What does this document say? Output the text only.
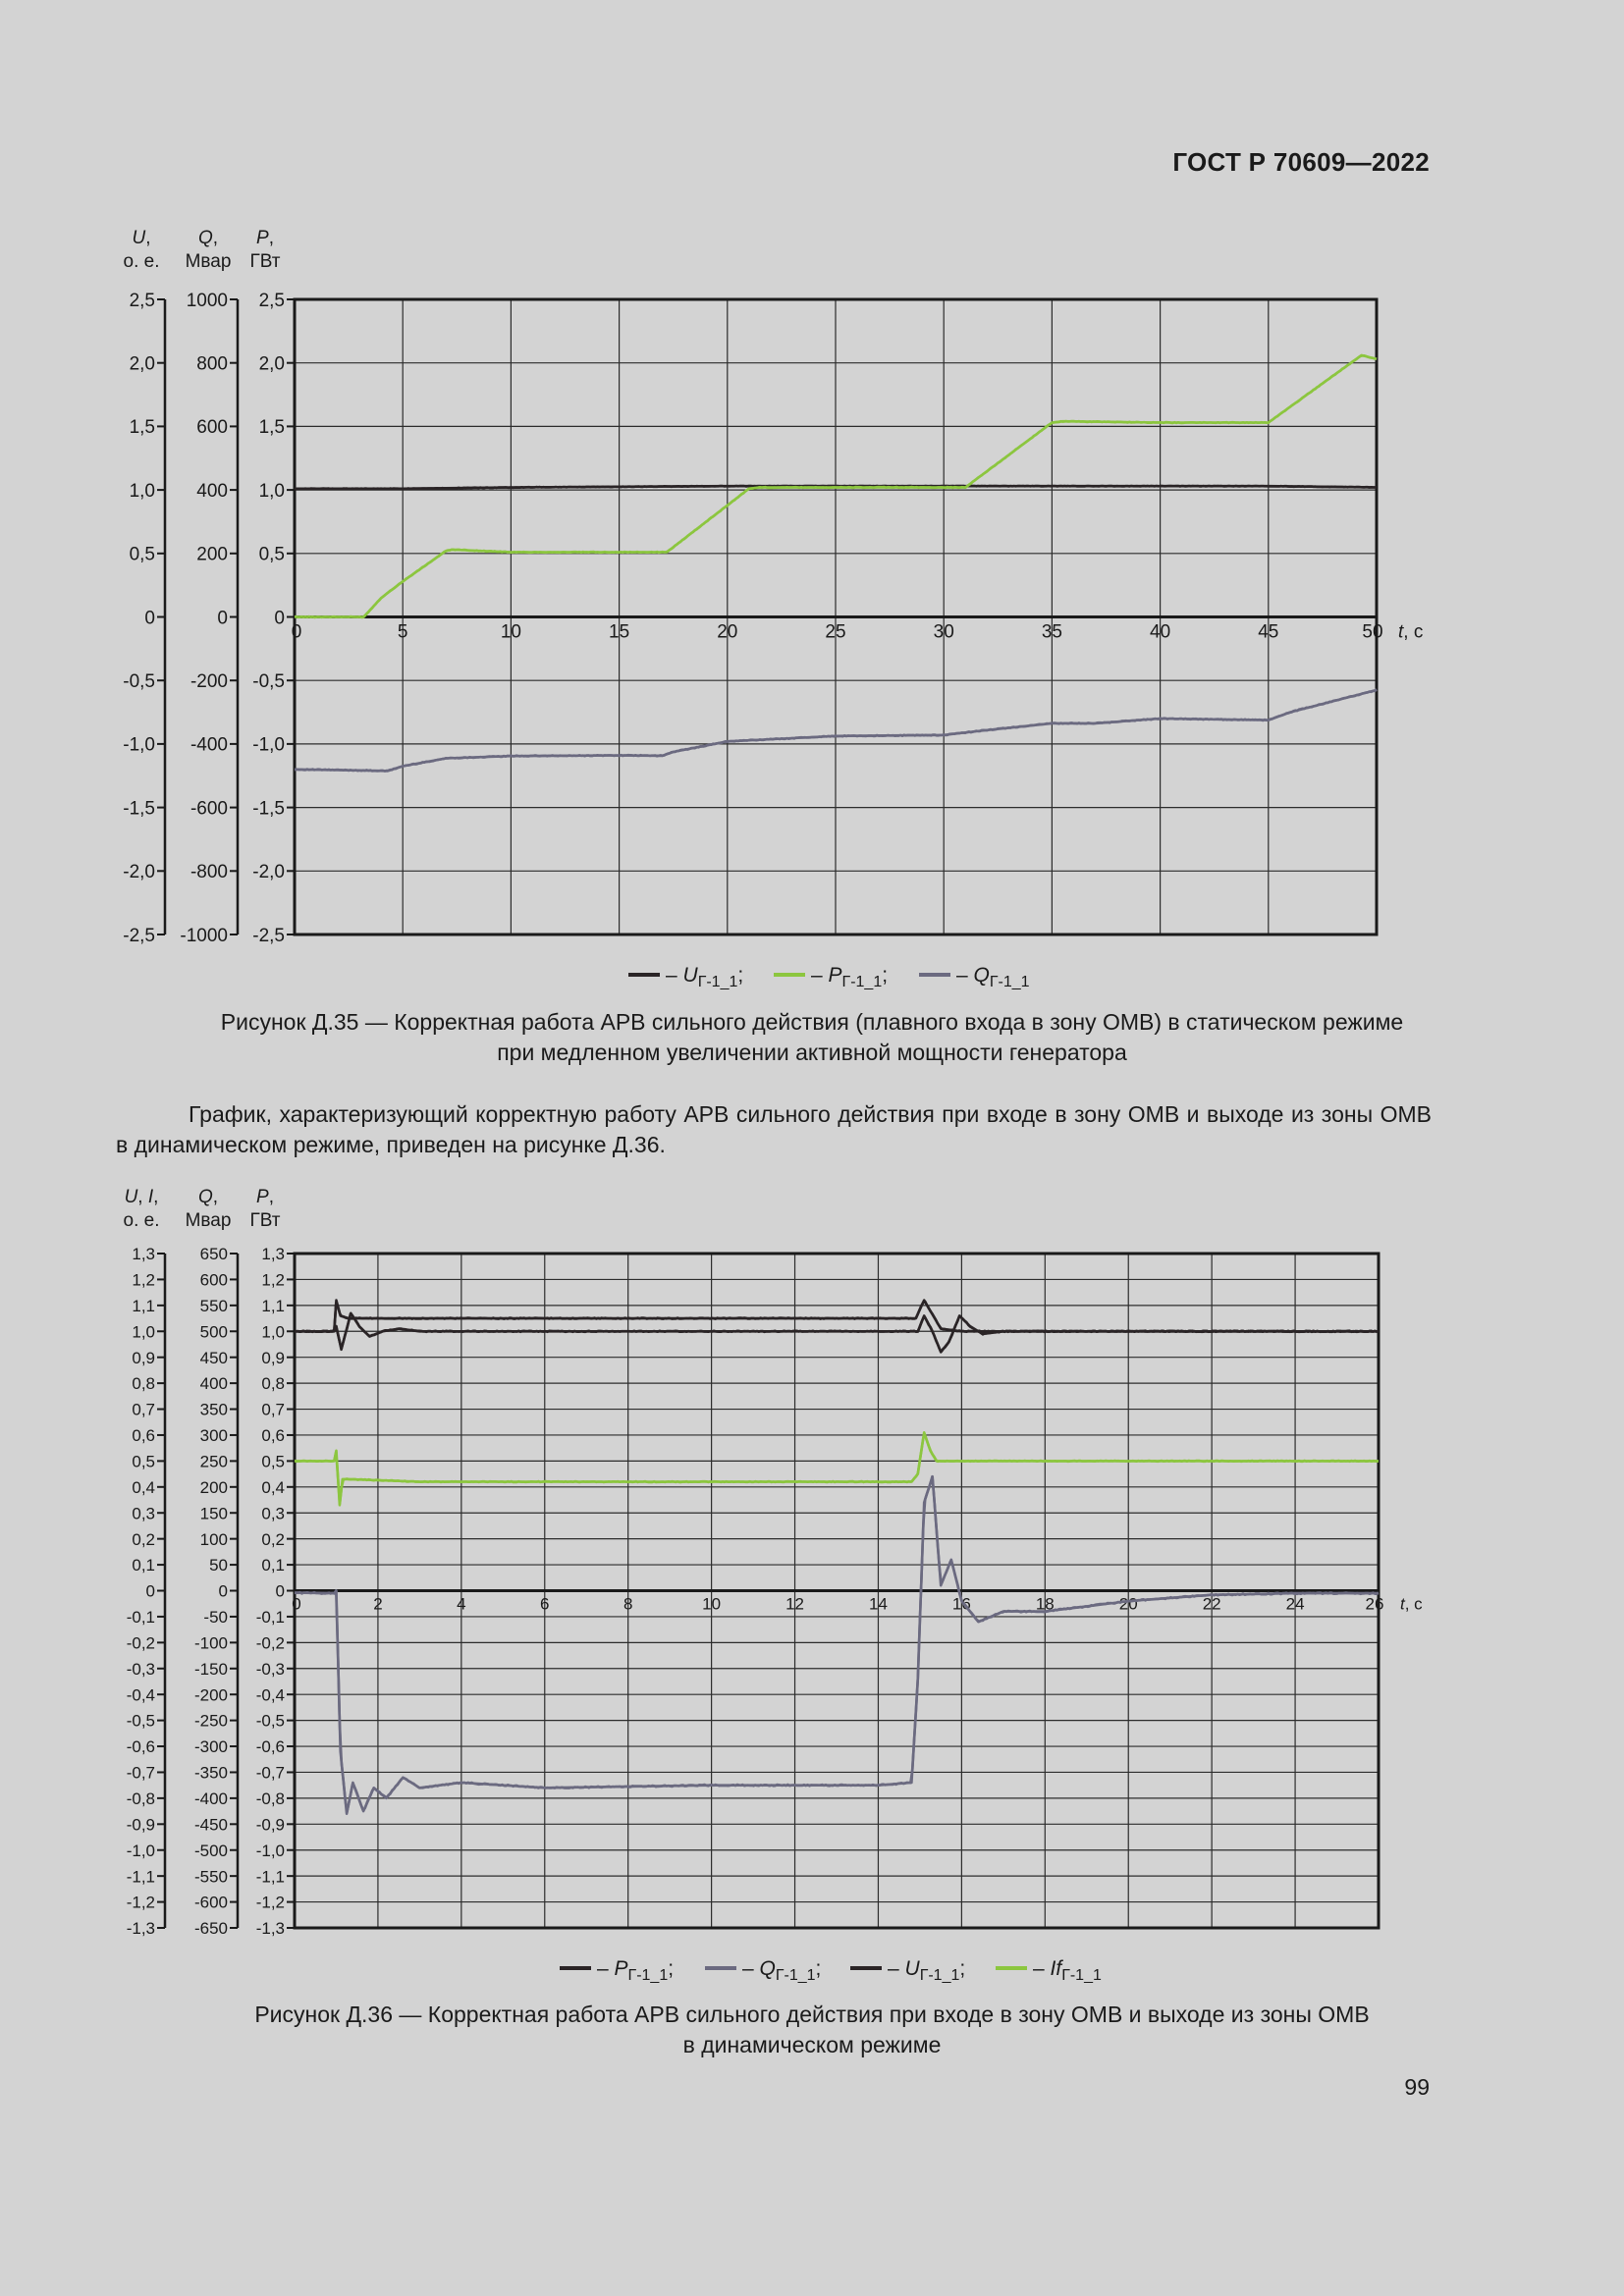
ГОСТ Р 70609—2022
0	5	10	15	20	25	30	35	40	45	50 t, с
2,5
2,0
1,5
1,0
0,5
0
-0,5
-1,0
-1,5
-2,0
-2,5
U,
о. е.
1000
800
600
400
200
0
-200
-400
-600
-800
-1000
Q,
Мвар
2,5
2,0
1,5
1,0
0,5
0
-0,5
-1,0
-1,5
-2,0
-2,5
P,
ГВт
– $U_{Г-1\_1}$;	– $P_{Г-1\_1}$;	– $Q_{Г-1\_1}$
Рисунок Д.35 — Корректная работа АРВ сильного действия (плавного входа в зону ОМВ) в статическом режиме
при медленном увеличении активной мощности генератора
График, характеризующий корректную работу АРВ сильного действия при входе в зону ОМВ и выходе из зоны ОМВ в динамическом режиме, приведен на рисунке Д.36.
0	2	4	6	8	10	12	14	16	18	20	22	24	26 t, с
1,3
1,2
1,1
1,0
0,9
0,8
0,7
0,6
0,5
0,4
0,3
0,2
0,1
0
-0,1
-0,2
-0,3
-0,4
-0,5
-0,6
-0,7
-0,8
-0,9
-1,0
-1,1
-1,2
-1,3
U, I,
о. е.
650
600
550
500
450
400
350
300
250
200
150
100
50
0
-50
-100
-150
-200
-250
-300
-350
-400
-450
-500
-550
-600
-650
Q,
Мвар
1,3
1,2
1,1
1,0
0,9
0,8
0,7
0,6
0,5
0,4
0,3
0,2
0,1
0
-0,1
-0,2
-0,3
-0,4
-0,5
-0,6
-0,7
-0,8
-0,9
-1,0
-1,1
-1,2
-1,3
P,
ГВт
– $P_{Г-1\_1}$;	– $Q_{Г-1\_1}$;	– $U_{Г-1\_1}$;	– $If_{Г-1\_1}$
Рисунок Д.36 — Корректная работа АРВ сильного действия при входе в зону ОМВ и выходе из зоны ОМВ
в динамическом режиме
99
